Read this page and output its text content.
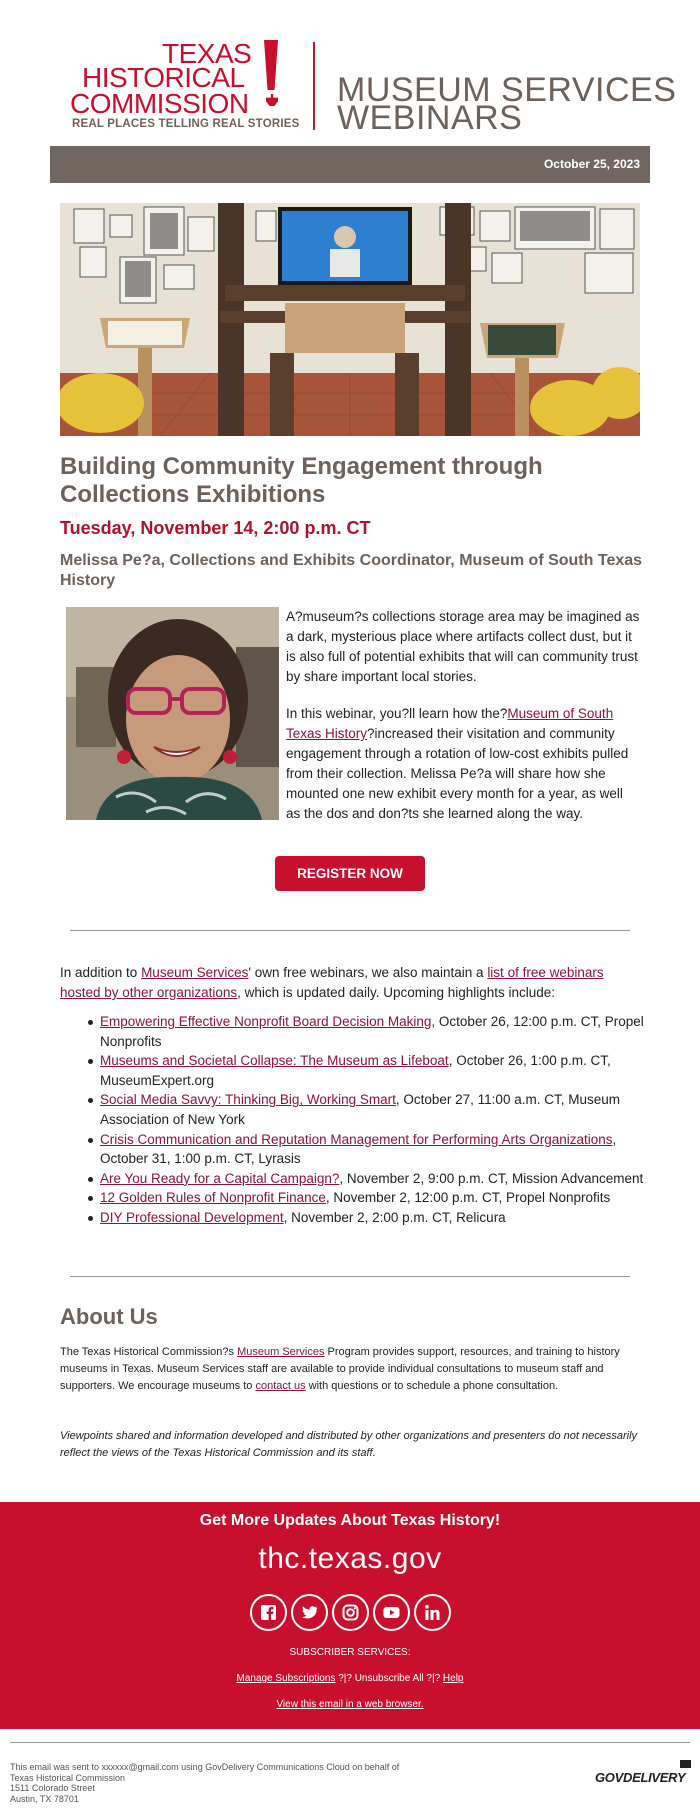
TEXAS
HISTORICAL
COMMISSION
REAL PLACES TELLING REAL STORIES
MUSEUM SERVICES
WEBINARS
October 25, 2023
Building Community Engagement through Collections Exhibitions
Tuesday, November 14, 2:00 p.m. CT
Melissa Pe?a, Collections and Exhibits Coordinator, Museum of South Texas History

A?museum?s collections storage area may be imagined as a dark, mysterious place where artifacts collect dust, but it is also full of potential exhibits that will can community trust by share important local stories.

In this webinar, you?ll learn how the?Museum of South Texas History?increased their visitation and community engagement through a rotation of low-cost exhibits pulled from their collection. Melissa Pe?a will share how she mounted one new exhibit every month for a year, as well as the dos and don?ts she learned along the way.

REGISTER NOW
In addition to Museum Services' own free webinars, we also maintain a list of free webinars hosted by other organizations, which is updated daily. Upcoming highlights include:
Empowering Effective Nonprofit Board Decision Making, October 26, 12:00 p.m. CT, Propel Nonprofits
Museums and Societal Collapse: The Museum as Lifeboat, October 26, 1:00 p.m. CT, MuseumExpert.org
Social Media Savvy: Thinking Big, Working Smart, October 27, 11:00 a.m. CT, Museum Association of New York
Crisis Communication and Reputation Management for Performing Arts Organizations, October 31, 1:00 p.m. CT, Lyrasis
Are You Ready for a Capital Campaign?, November 2, 9:00 p.m. CT, Mission Advancement
12 Golden Rules of Nonprofit Finance, November 2, 12:00 p.m. CT, Propel Nonprofits
DIY Professional Development, November 2, 2:00 p.m. CT, Relicura
About Us
The Texas Historical Commission?s Museum Services Program provides support, resources, and training to history museums in Texas. Museum Services staff are available to provide individual consultations to museum staff and supporters. We encourage museums to contact us with questions or to schedule a phone consultation.
Viewpoints shared and information developed and distributed by other organizations and presenters do not necessarily reflect the views of the Texas Historical Commission and its staff.
Get More Updates About Texas History!
thc.texas.gov
SUBSCRIBER SERVICES:
Manage Subscriptions ?|? Unsubscribe All ?|? Help
View this email in a web browser.
This email was sent to xxxxxx@gmail.com using GovDelivery Communications Cloud on behalf of
Texas Historical Commission
1511 Colorado Street
Austin, TX 78701
GOVDELIVERY
